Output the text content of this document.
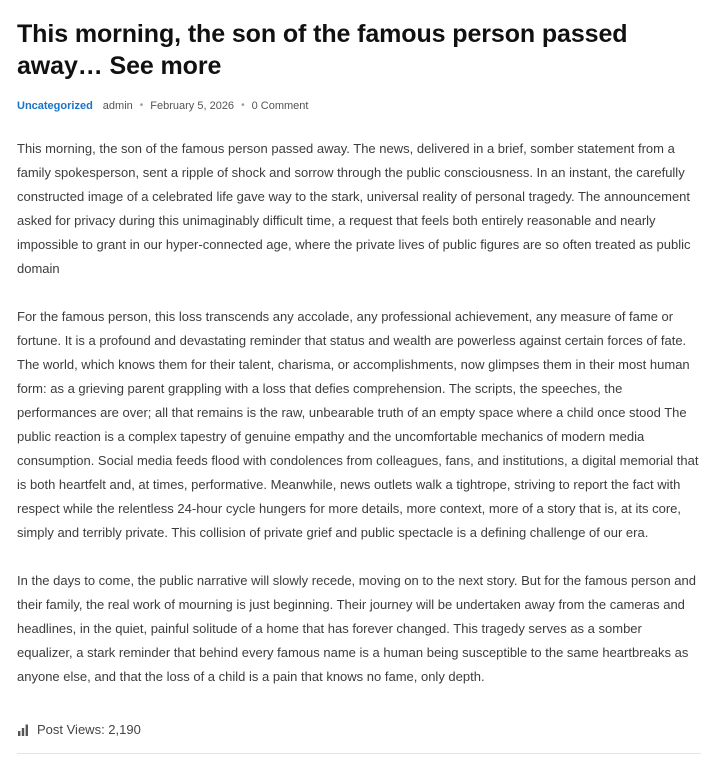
This morning, the son of the famous person passed away… See more
Uncategorized admin • February 5, 2026 • 0 Comment

This morning, the son of the famous person passed away. The news, delivered in a brief, somber statement from a family spokesperson, sent a ripple of shock and sorrow through the public consciousness. In an instant, the carefully constructed image of a celebrated life gave way to the stark, universal reality of personal tragedy. The announcement asked for privacy during this unimaginably difficult time, a request that feels both entirely reasonable and nearly impossible to grant in our hyper-connected age, where the private lives of public figures are so often treated as public domain

For the famous person, this loss transcends any accolade, any professional achievement, any measure of fame or fortune. It is a profound and devastating reminder that status and wealth are powerless against certain forces of fate. The world, which knows them for their talent, charisma, or accomplishments, now glimpses them in their most human form: as a grieving parent grappling with a loss that defies comprehension. The scripts, the speeches, the performances are over; all that remains is the raw, unbearable truth of an empty space where a child once stood The public reaction is a complex tapestry of genuine empathy and the uncomfortable mechanics of modern media consumption. Social media feeds flood with condolences from colleagues, fans, and institutions, a digital memorial that is both heartfelt and, at times, performative. Meanwhile, news outlets walk a tightrope, striving to report the fact with respect while the relentless 24-hour cycle hungers for more details, more context, more of a story that is, at its core, simply and terribly private. This collision of private grief and public spectacle is a defining challenge of our era.

In the days to come, the public narrative will slowly recede, moving on to the next story. But for the famous person and their family, the real work of mourning is just beginning. Their journey will be undertaken away from the cameras and headlines, in the quiet, painful solitude of a home that has forever changed. This tragedy serves as a somber equalizer, a stark reminder that behind every famous name is a human being susceptible to the same heartbreaks as anyone else, and that the loss of a child is a pain that knows no fame, only depth.

Post Views: 2,190
